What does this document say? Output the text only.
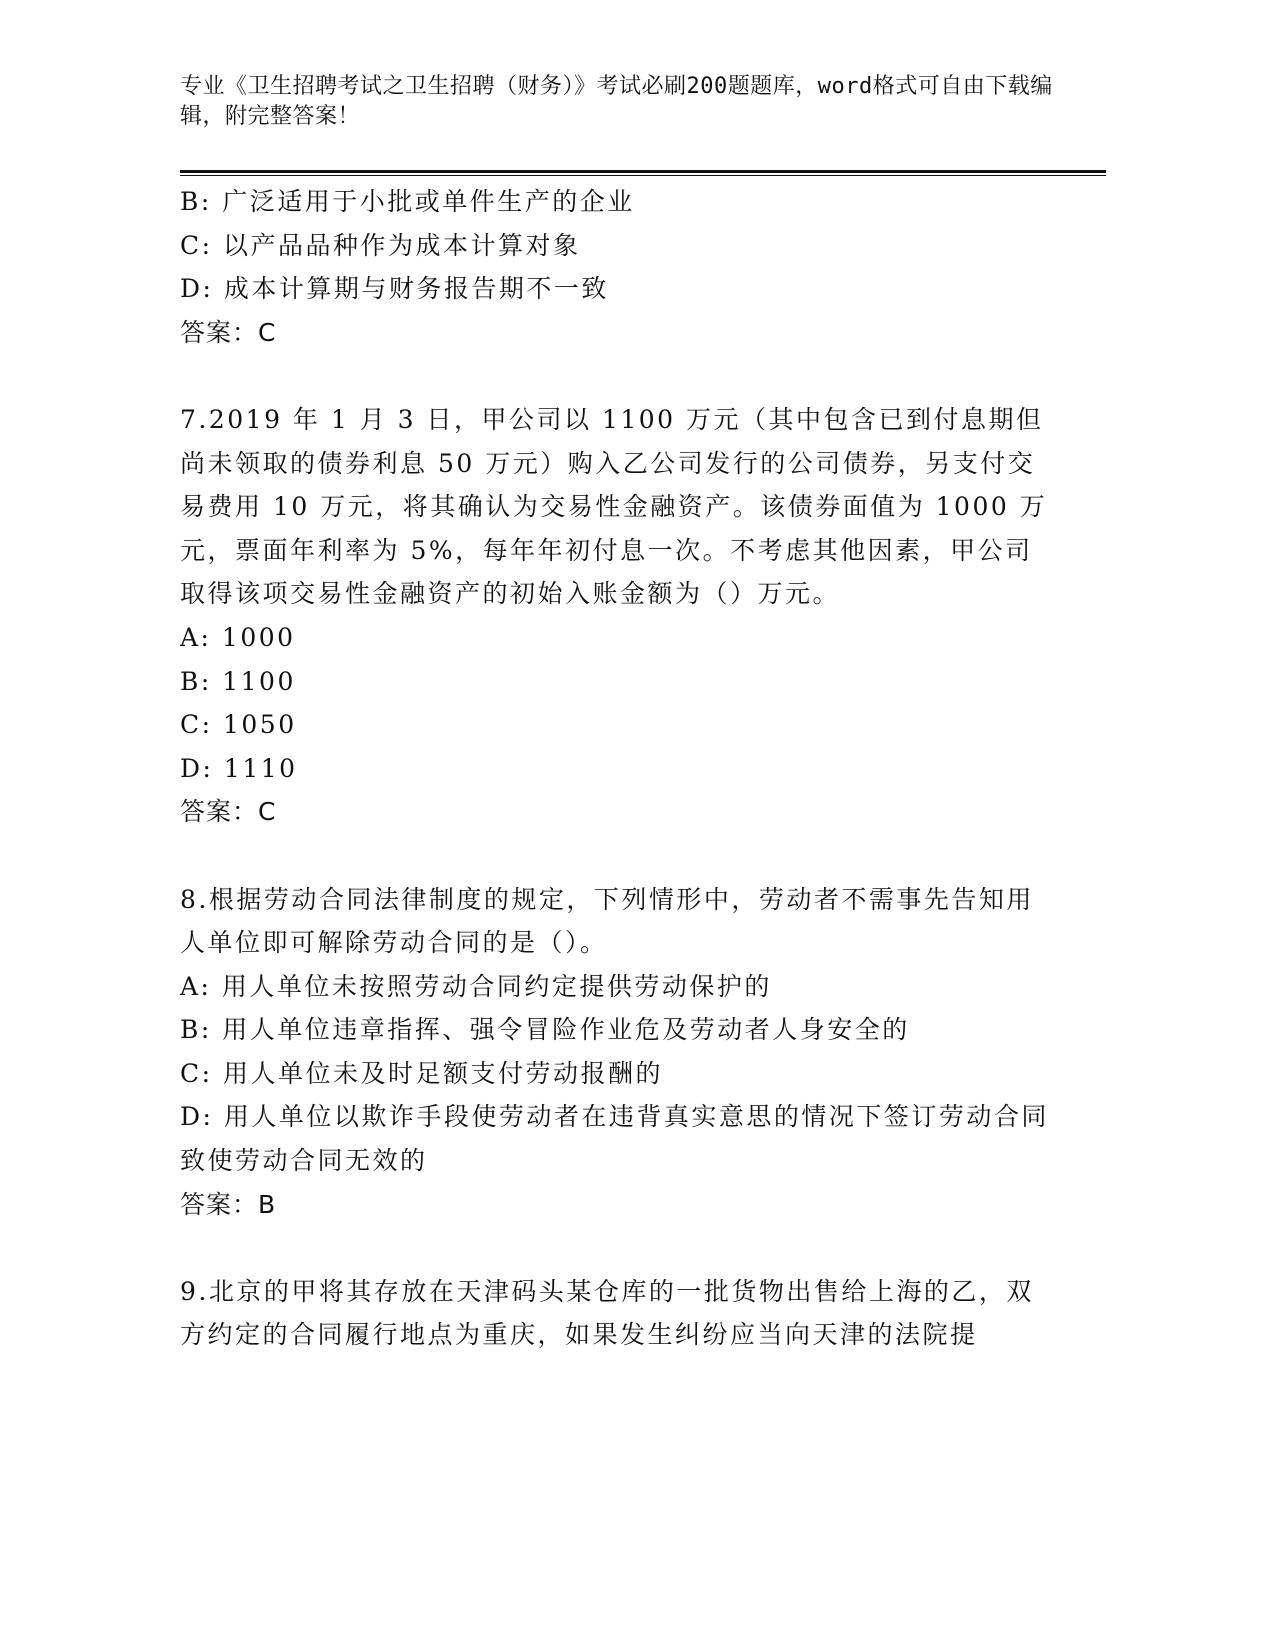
专业《卫生招聘考试之卫生招聘（财务）》考试必刷200题题库，word格式可自由下载编辑，附完整答案！

B: 广泛适用于小批或单件生产的企业

C: 以产品品种作为成本计算对象

D: 成本计算期与财务报告期不一致

答案：C

7.2019 年 1 月 3 日，甲公司以 1100 万元（其中包含已到付息期但尚未领取的债券利息 50 万元）购入乙公司发行的公司债券，另支付交易费用 10 万元，将其确认为交易性金融资产。该债券面值为 1000 万元，票面年利率为 5%，每年年初付息一次。不考虑其他因素，甲公司取得该项交易性金融资产的初始入账金额为（）万元。

A: 1000

B: 1100

C: 1050

D: 1110

答案：C

8.根据劳动合同法律制度的规定，下列情形中，劳动者不需事先告知用人单位即可解除劳动合同的是（）。

A: 用人单位未按照劳动合同约定提供劳动保护的

B: 用人单位违章指挥、强令冒险作业危及劳动者人身安全的

C: 用人单位未及时足额支付劳动报酬的

D: 用人单位以欺诈手段使劳动者在违背真实意思的情况下签订劳动合同致使劳动合同无效的

答案：B

9.北京的甲将其存放在天津码头某仓库的一批货物出售给上海的乙，双方约定的合同履行地点为重庆，如果发生纠纷应当向天津的法院提
